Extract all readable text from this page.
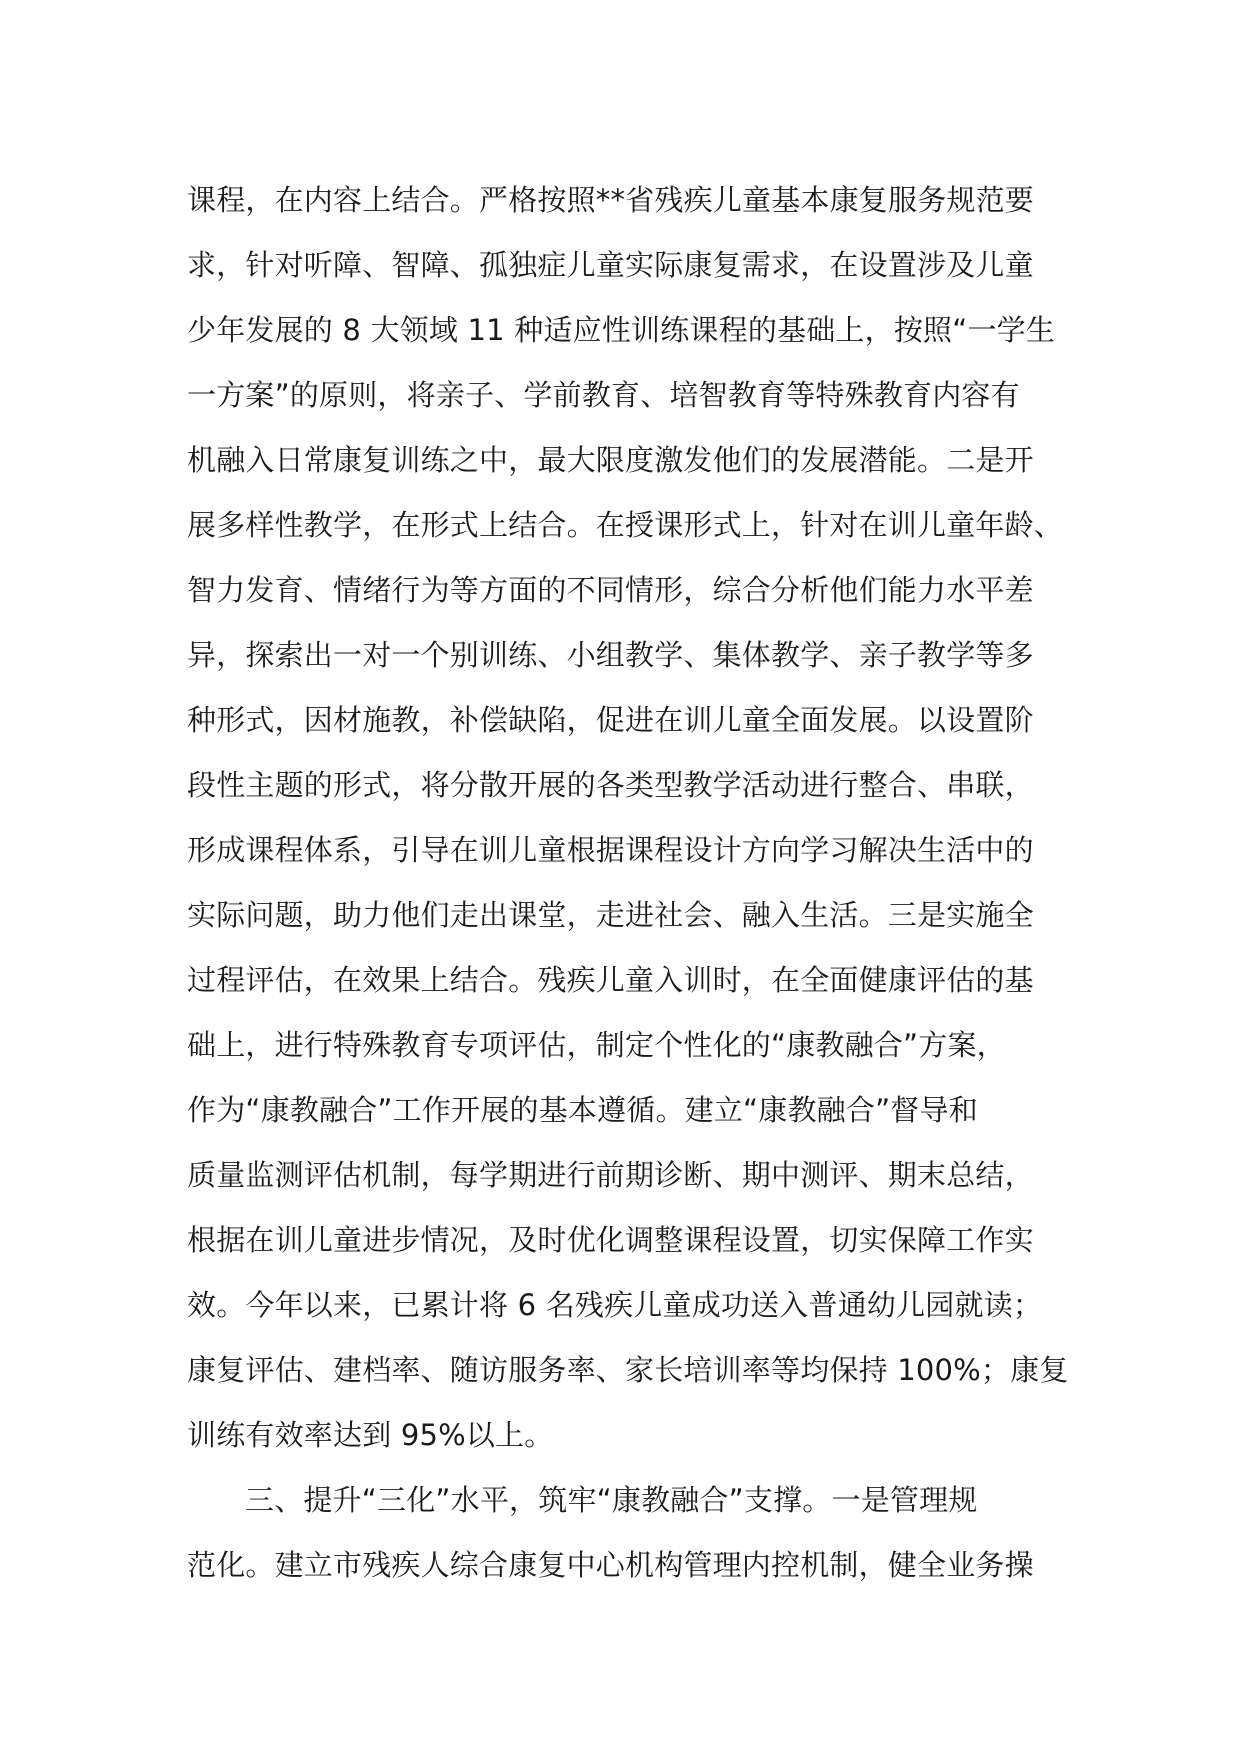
课程，在内容上结合。严格按照**省残疾儿童基本康复服务规范要
求，针对听障、智障、孤独症儿童实际康复需求，在设置涉及儿童
少年发展的 8 大领域 11 种适应性训练课程的基础上，按照“一学生
一方案”的原则，将亲子、学前教育、培智教育等特殊教育内容有
机融入日常康复训练之中，最大限度激发他们的发展潜能。二是开
展多样性教学，在形式上结合。在授课形式上，针对在训儿童年龄、
智力发育、情绪行为等方面的不同情形，综合分析他们能力水平差
异，探索出一对一个别训练、小组教学、集体教学、亲子教学等多
种形式，因材施教，补偿缺陷，促进在训儿童全面发展。以设置阶
段性主题的形式，将分散开展的各类型教学活动进行整合、串联，
形成课程体系，引导在训儿童根据课程设计方向学习解决生活中的
实际问题，助力他们走出课堂，走进社会、融入生活。三是实施全
过程评估，在效果上结合。残疾儿童入训时，在全面健康评估的基
础上，进行特殊教育专项评估，制定个性化的“康教融合”方案，
作为“康教融合”工作开展的基本遵循。建立“康教融合”督导和
质量监测评估机制，每学期进行前期诊断、期中测评、期末总结，
根据在训儿童进步情况，及时优化调整课程设置，切实保障工作实
效。今年以来，已累计将 6 名残疾儿童成功送入普通幼儿园就读；
康复评估、建档率、随访服务率、家长培训率等均保持 100%；康复
训练有效率达到 95%以上。
三、提升“三化”水平，筑牢“康教融合”支撑。一是管理规
范化。建立市残疾人综合康复中心机构管理内控机制，健全业务操
